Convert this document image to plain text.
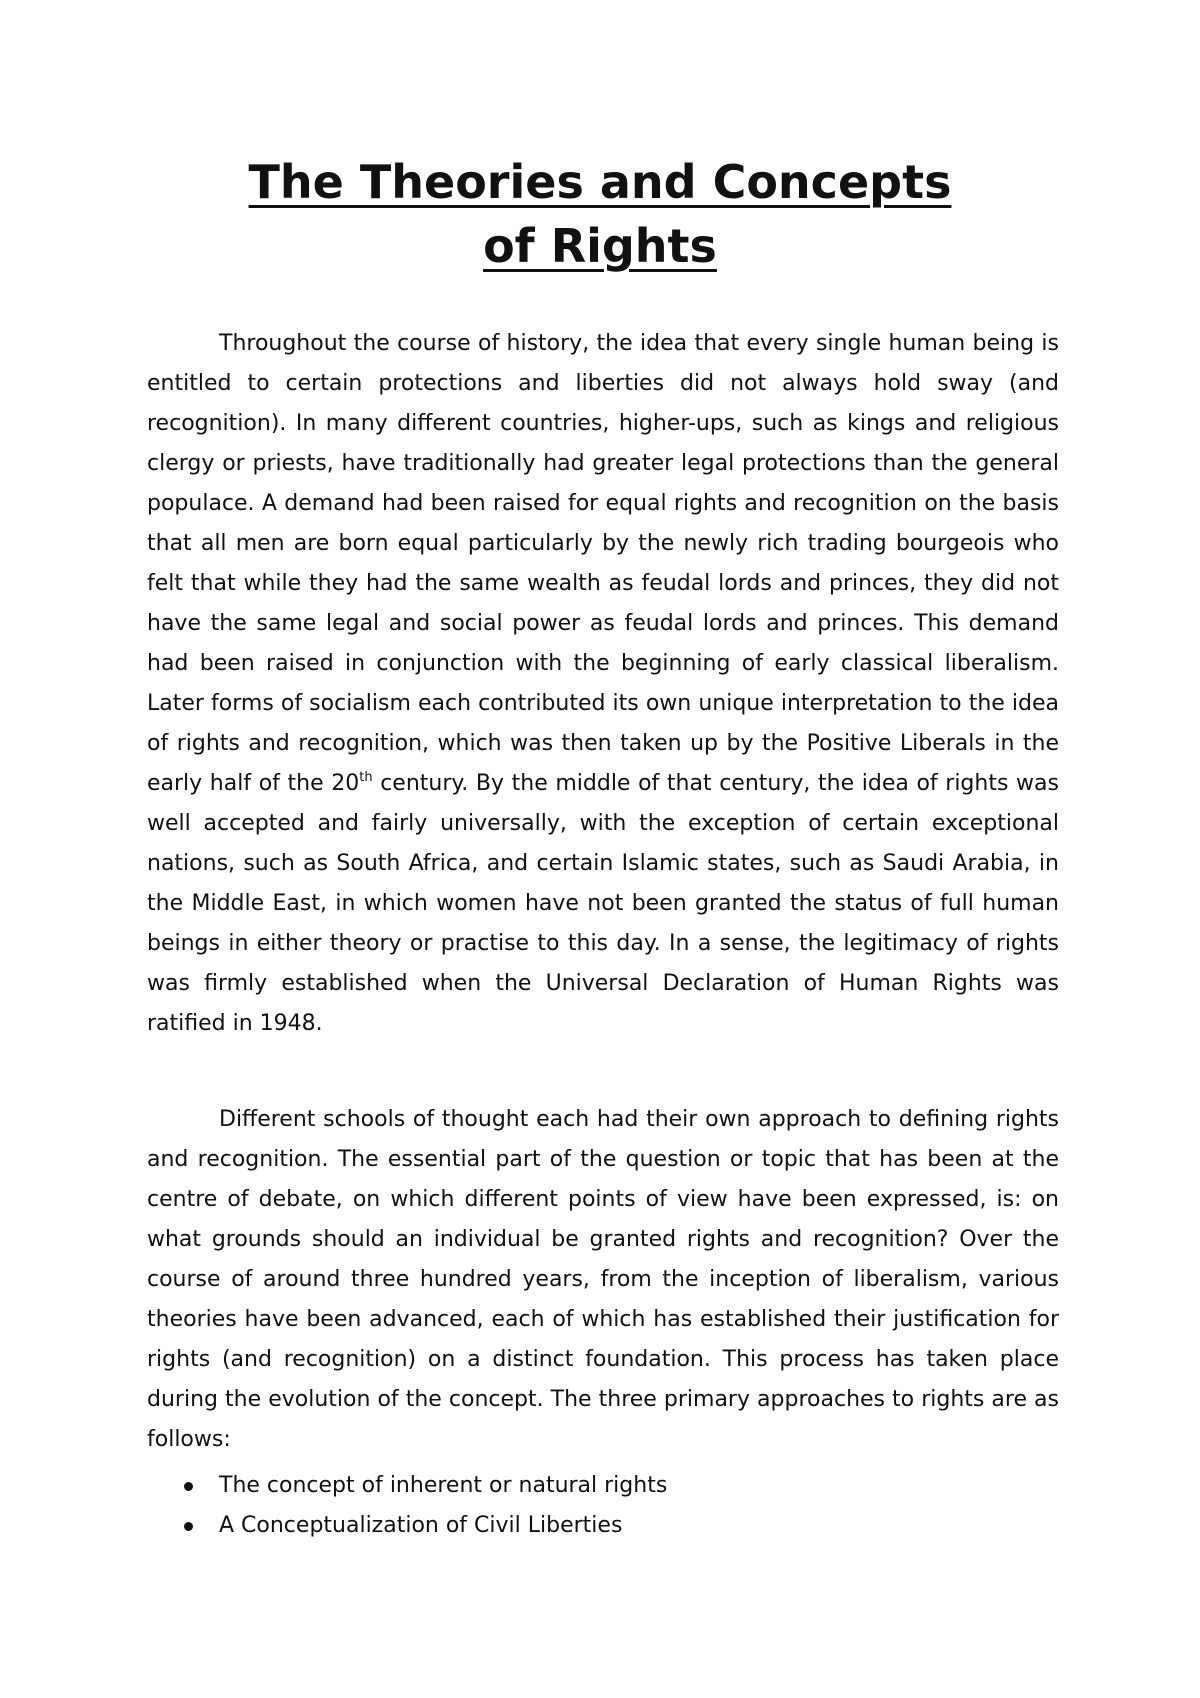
The Theories and Concepts
of Rights

Throughout the course of history, the idea that every single human being is entitled to certain protections and liberties did not always hold sway (and recognition). In many different countries, higher-ups, such as kings and religious clergy or priests, have traditionally had greater legal protections than the general populace. A demand had been raised for equal rights and recognition on the basis that all men are born equal particularly by the newly rich trading bourgeois who felt that while they had the same wealth as feudal lords and princes, they did not have the same legal and social power as feudal lords and princes. This demand had been raised in conjunction with the beginning of early classical liberalism. Later forms of socialism each contributed its own unique interpretation to the idea of rights and recognition, which was then taken up by the Positive Liberals in the early half of the 20th century. By the middle of that century, the idea of rights was well accepted and fairly universally, with the exception of certain exceptional nations, such as South Africa, and certain Islamic states, such as Saudi Arabia, in the Middle East, in which women have not been granted the status of full human beings in either theory or practise to this day. In a sense, the legitimacy of rights was firmly established when the Universal Declaration of Human Rights was ratified in 1948.

Different schools of thought each had their own approach to defining rights and recognition. The essential part of the question or topic that has been at the centre of debate, on which different points of view have been expressed, is: on what grounds should an individual be granted rights and recognition? Over the course of around three hundred years, from the inception of liberalism, various theories have been advanced, each of which has established their justification for rights (and recognition) on a distinct foundation. This process has taken place during the evolution of the concept. The three primary approaches to rights are as follows:

The concept of inherent or natural rights
A Conceptualization of Civil Liberties
